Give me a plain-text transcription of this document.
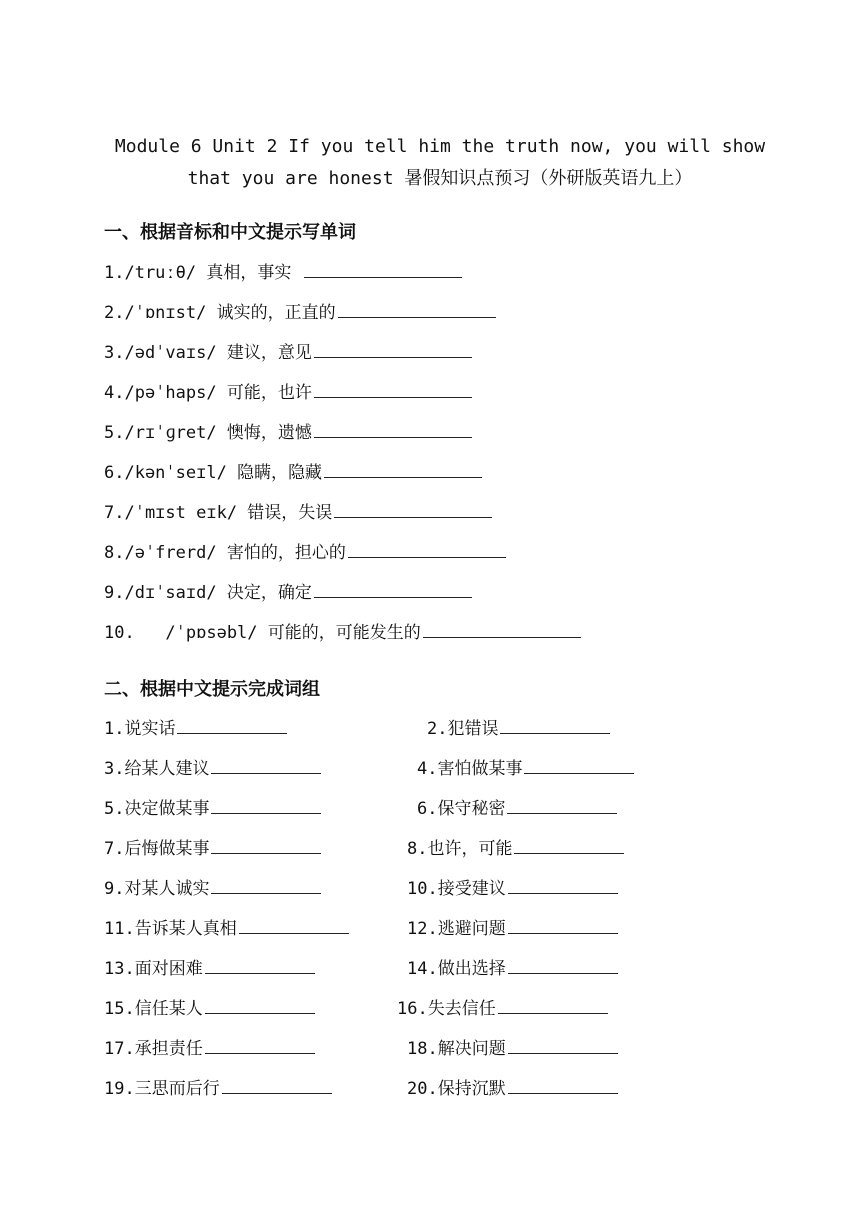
Module 6 Unit 2 If you tell him the truth now, you will show
that you are honest 暑假知识点预习（外研版英语九上）
一、根据音标和中文提示写单词
1./truːθ/ 真相，事实
2./ˈɒnɪst/ 诚实的，正直的
3./ədˈvaɪs/ 建议，意见
4./pəˈhaps/ 可能，也许
5./rɪˈɡret/ 懊悔，遗憾
6./kənˈseɪl/ 隐瞒，隐藏
7./ˈmɪst eɪk/ 错误，失误
8./əˈfrerd/ 害怕的，担心的
9./dɪˈsaɪd/ 决定，确定
10.   /ˈpɒsəbl/ 可能的，可能发生的
二、根据中文提示完成词组
1.说实话
3.给某人建议
5.决定做某事
7.后悔做某事
9.对某人诚实
11.告诉某人真相
13.面对困难
15.信任某人
17.承担责任
19.三思而后行
2.犯错误
4.害怕做某事
6.保守秘密
8.也许，可能
10.接受建议
12.逃避问题
14.做出选择
16.失去信任
18.解决问题
20.保持沉默
